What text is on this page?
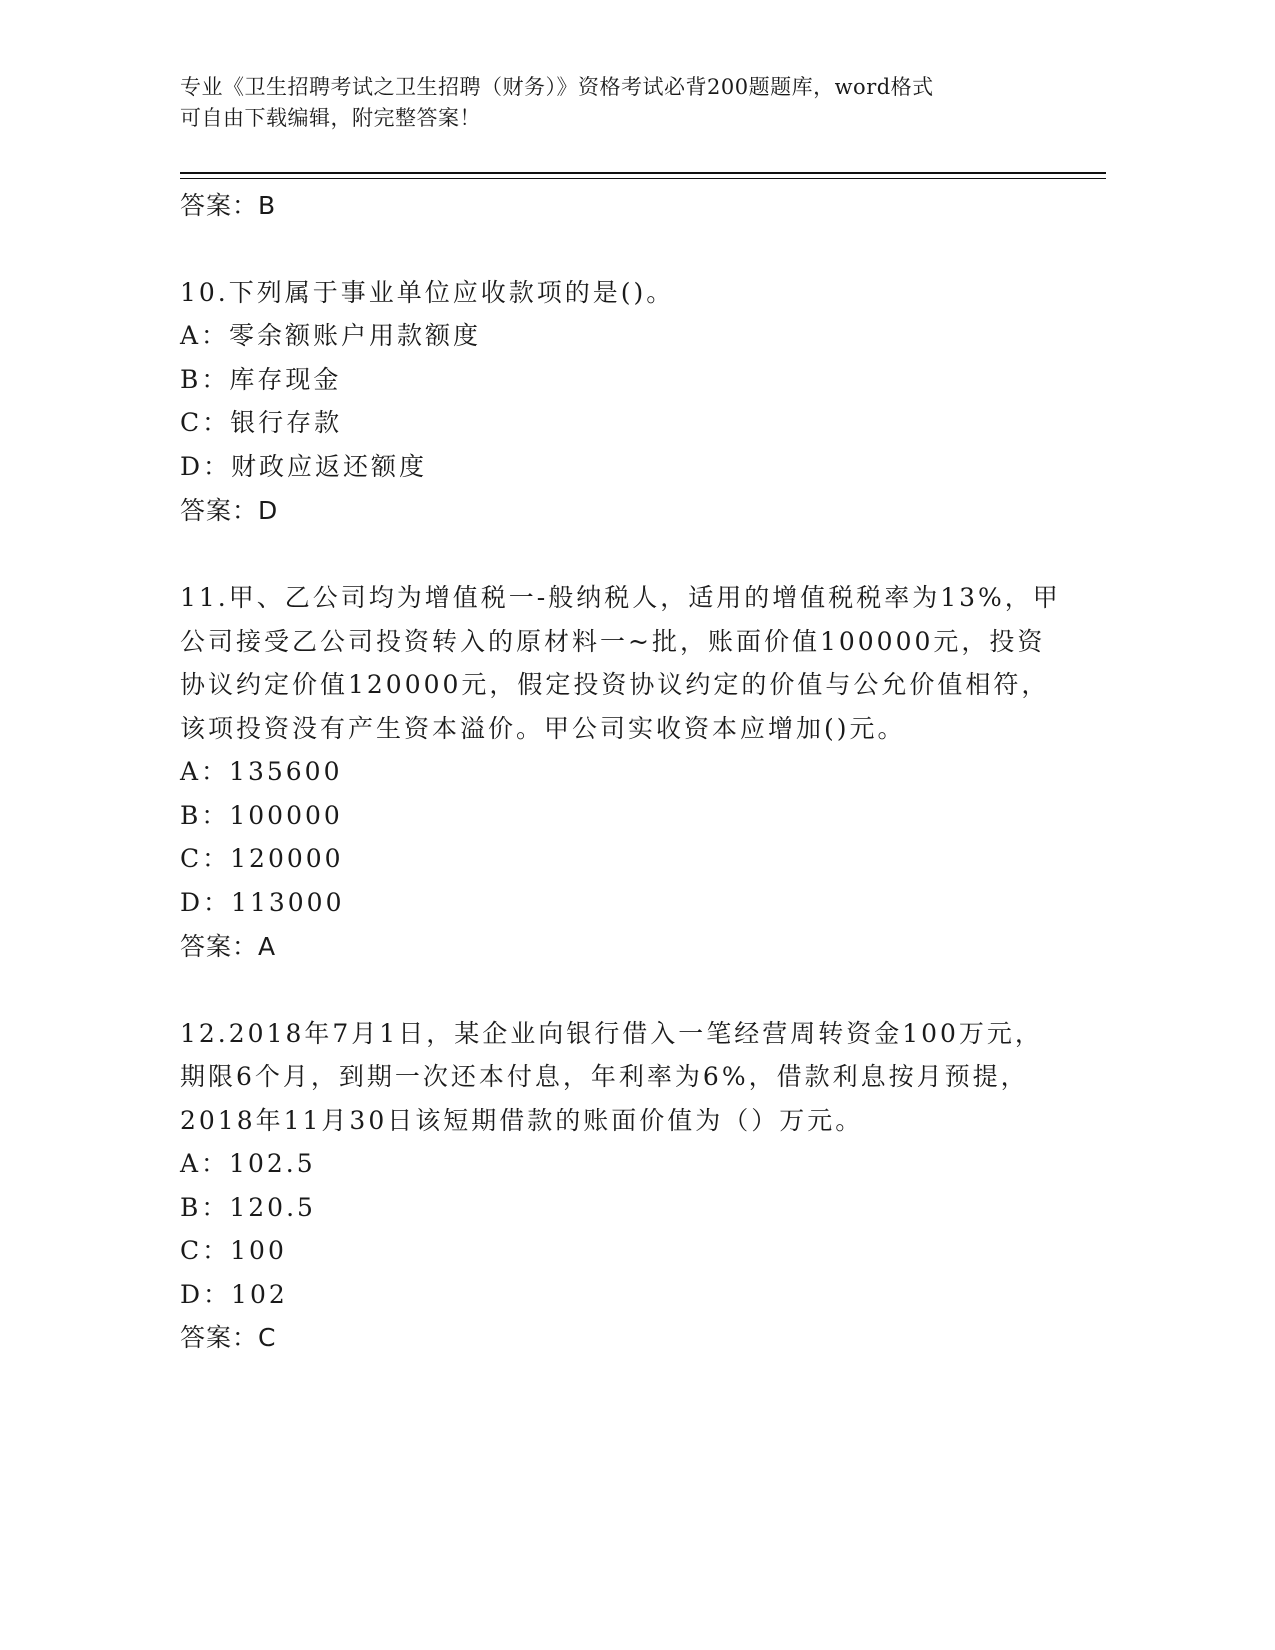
专业《卫生招聘考试之卫生招聘（财务）》资格考试必背200题题库，word格式
可自由下载编辑，附完整答案！
答案：B
10.下列属于事业单位应收款项的是()。
A：零余额账户用款额度
B：库存现金
C：银行存款
D：财政应返还额度
答案：D
11.甲、乙公司均为增值税一-般纳税人，适用的增值税税率为13%，甲
公司接受乙公司投资转入的原材料一~批，账面价值100000元，投资
协议约定价值120000元，假定投资协议约定的价值与公允价值相符，
该项投资没有产生资本溢价。甲公司实收资本应增加()元。
A：135600
B：100000
C：120000
D：113000
答案：A
12.2018年7月1日，某企业向银行借入一笔经营周转资金100万元，
期限6个月，到期一次还本付息，年利率为6%，借款利息按月预提，
2018年11月30日该短期借款的账面价值为（）万元。
A：102.5
B：120.5
C：100
D：102
答案：C
